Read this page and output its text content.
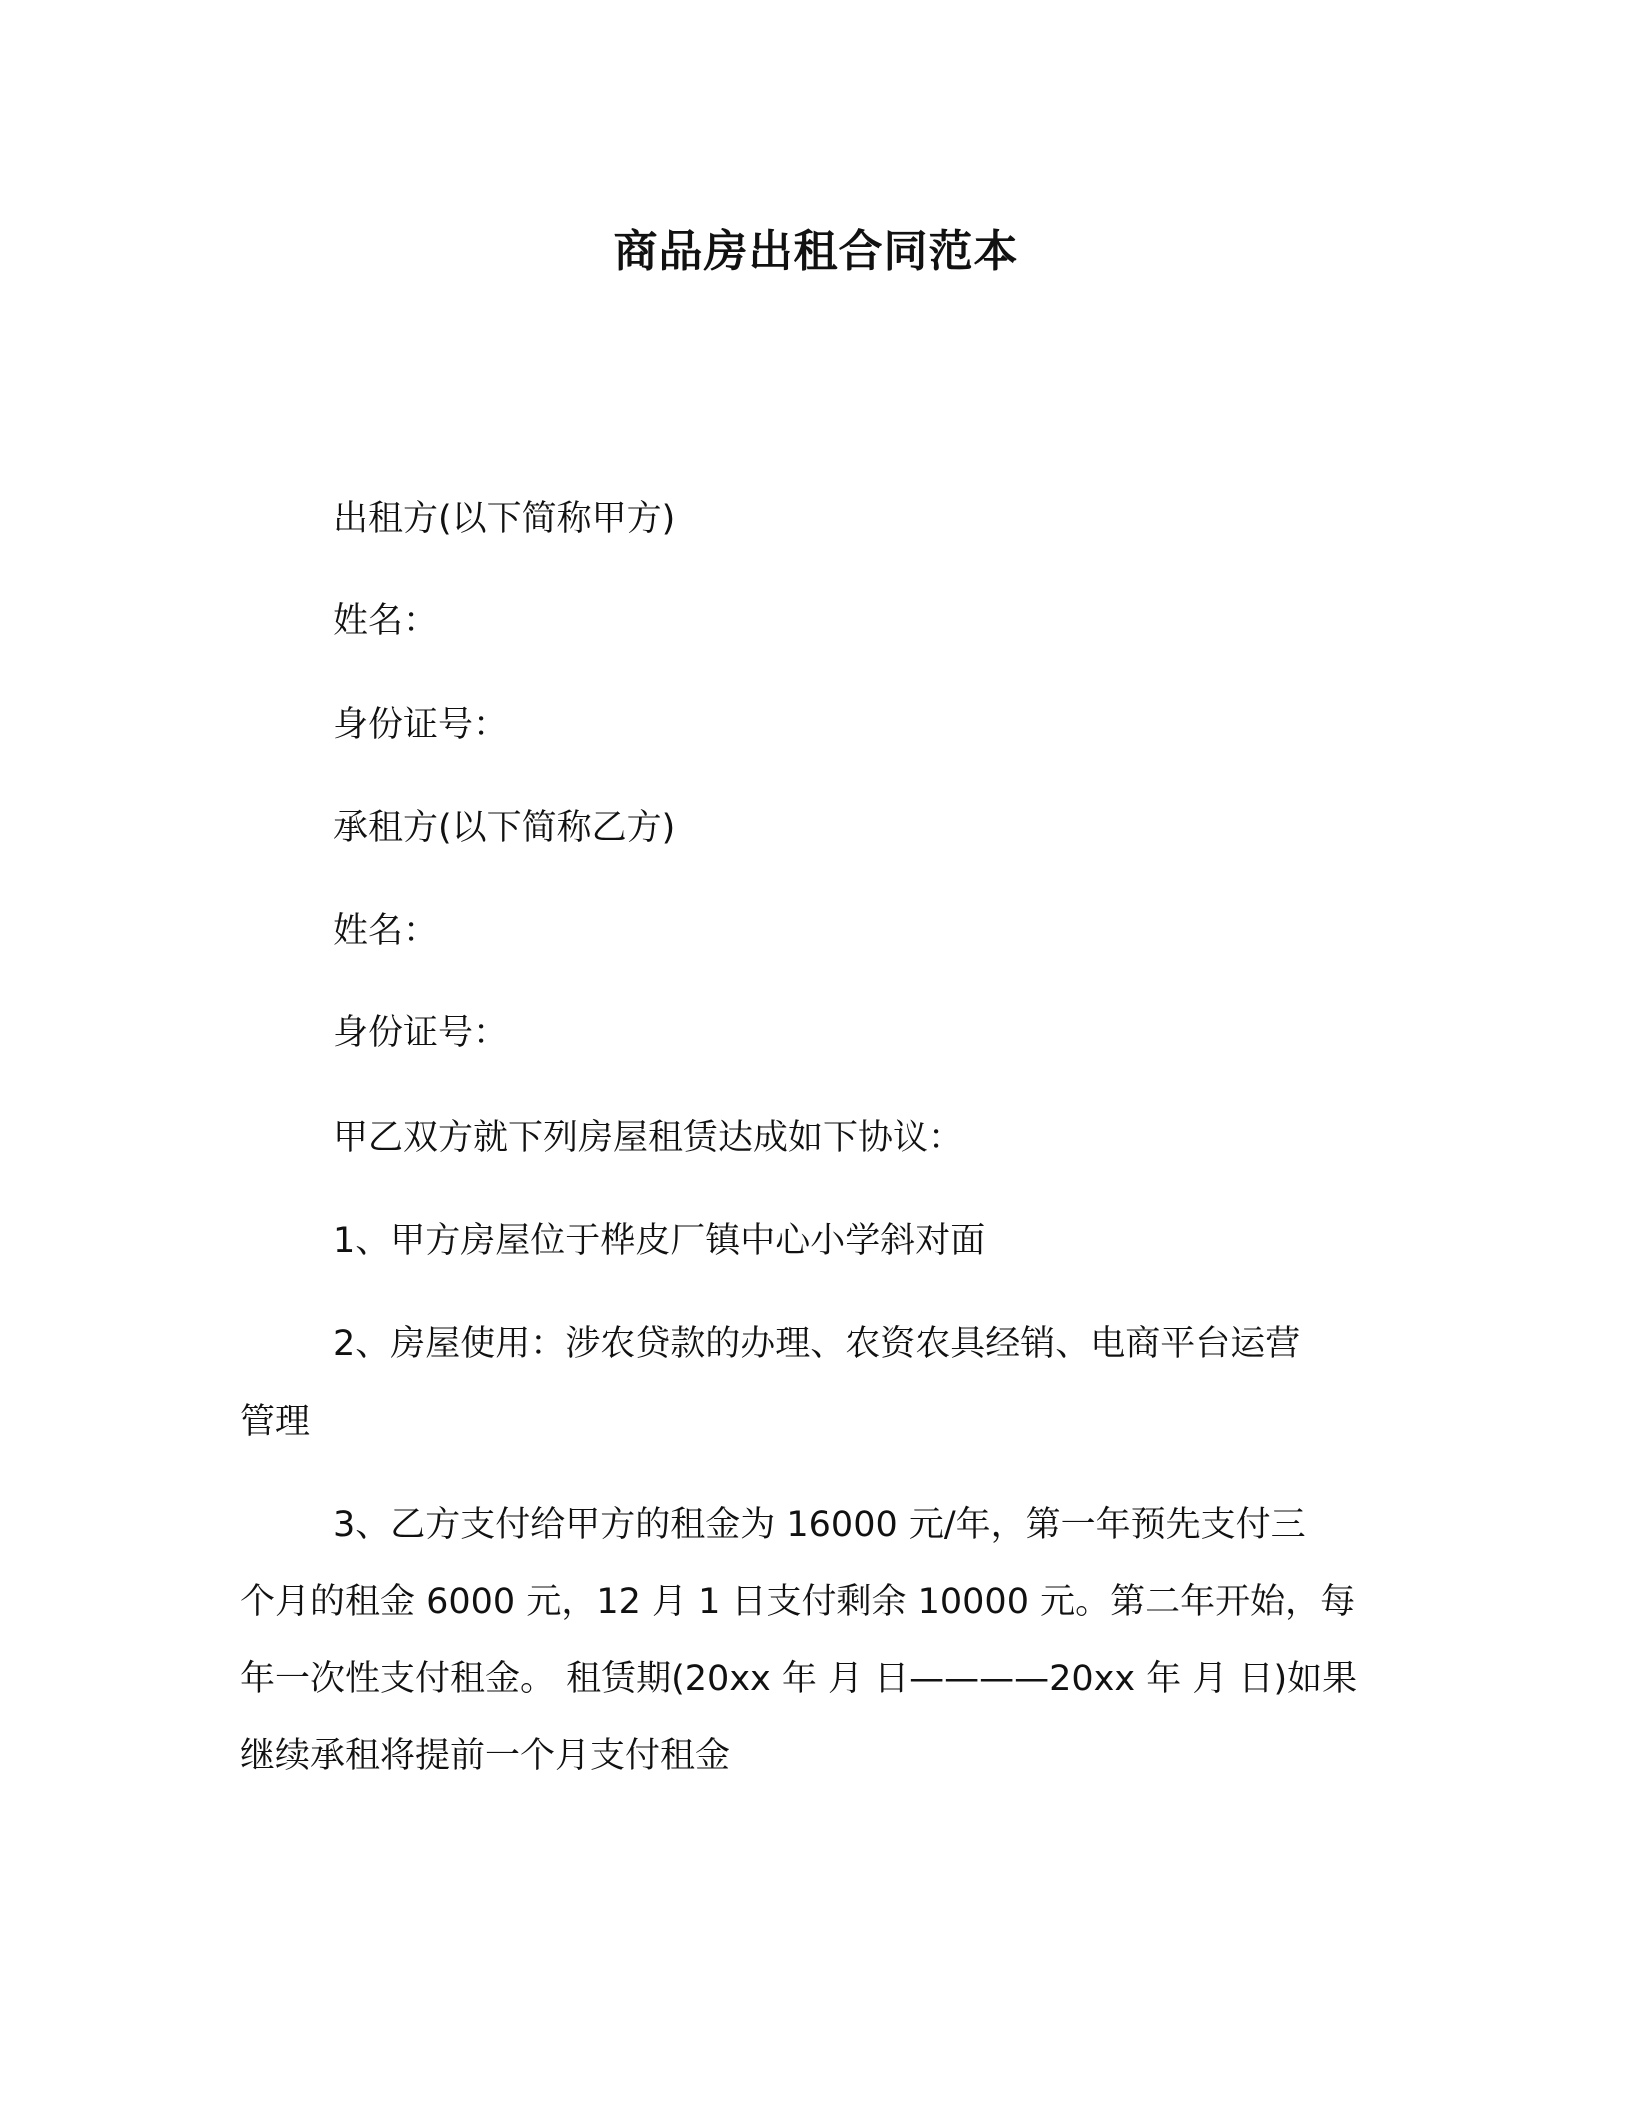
商品房出租合同范本
出租方(以下简称甲方)
姓名：
身份证号：
承租方(以下简称乙方)
姓名：
身份证号：
甲乙双方就下列房屋租赁达成如下协议：
1、甲方房屋位于桦皮厂镇中心小学斜对面
2、房屋使用：涉农贷款的办理、农资农具经销、电商平台运营
管理
3、乙方支付给甲方的租金为 16000 元/年，第一年预先支付三
个月的租金 6000 元，12 月 1 日支付剩余 10000 元。第二年开始，每
年一次性支付租金。 租赁期(20xx 年 月 日————20xx 年 月 日)如果
继续承租将提前一个月支付租金
